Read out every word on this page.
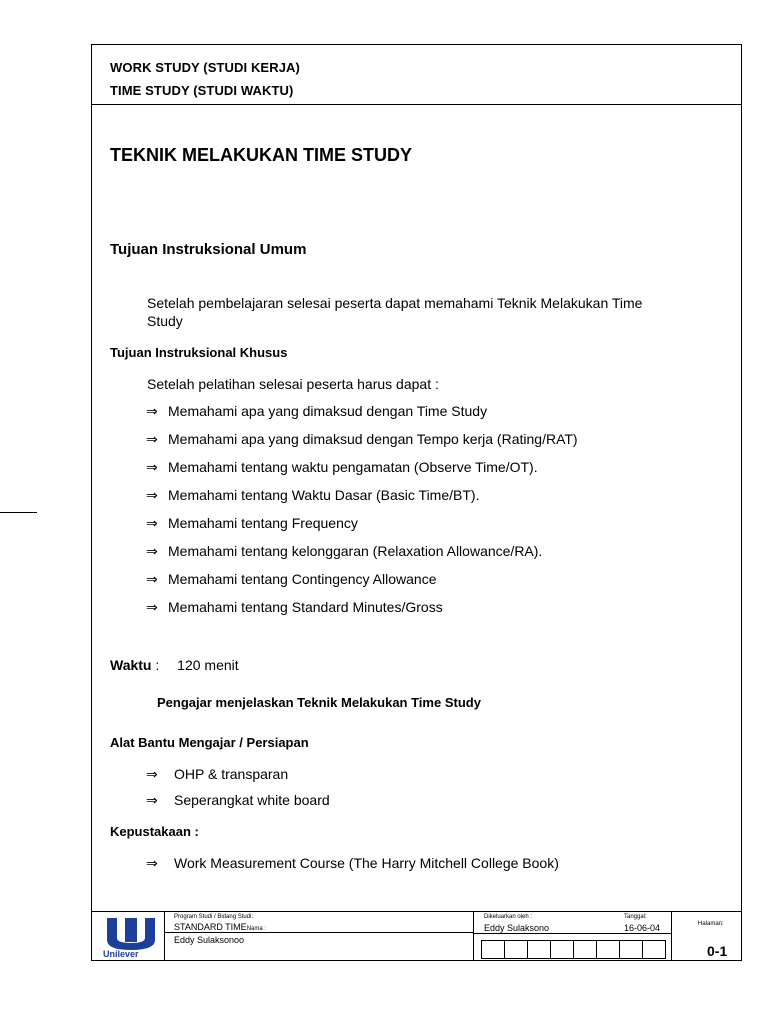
WORK STUDY (STUDI KERJA)
TIME STUDY (STUDI WAKTU)
TEKNIK MELAKUKAN TIME STUDY
Tujuan Instruksional Umum
Setelah pembelajaran selesai peserta dapat memahami Teknik Melakukan Time
Study
Tujuan Instruksional Khusus
Setelah pelatihan selesai peserta harus dapat :
⇒ Memahami apa yang dimaksud dengan Time Study
⇒ Memahami apa yang dimaksud dengan Tempo kerja (Rating/RAT)
⇒ Memahami tentang waktu pengamatan (Observe Time/OT).
⇒ Memahami tentang Waktu Dasar (Basic Time/BT).
⇒ Memahami tentang Frequency
⇒ Memahami tentang kelonggaran (Relaxation Allowance/RA).
⇒ Memahami tentang Contingency Allowance
⇒ Memahami tentang Standard Minutes/Gross
Waktu : 120 menit
Pengajar menjelaskan Teknik Melakukan Time Study
Alat Bantu Mengajar / Persiapan
⇒ OHP & transparan
⇒ Seperangkat white board
Kepustakaan :
⇒ Work Measurement Course (The Harry Mitchell College Book)
Unilever
Program Studi / Bidang Studi:
STANDARD TIMENama :
Eddy Sulaksonoo
Dikeluarkan oleh :
Eddy Sulaksono
Tanggal:
16-06-04	Halaman:
0-1
